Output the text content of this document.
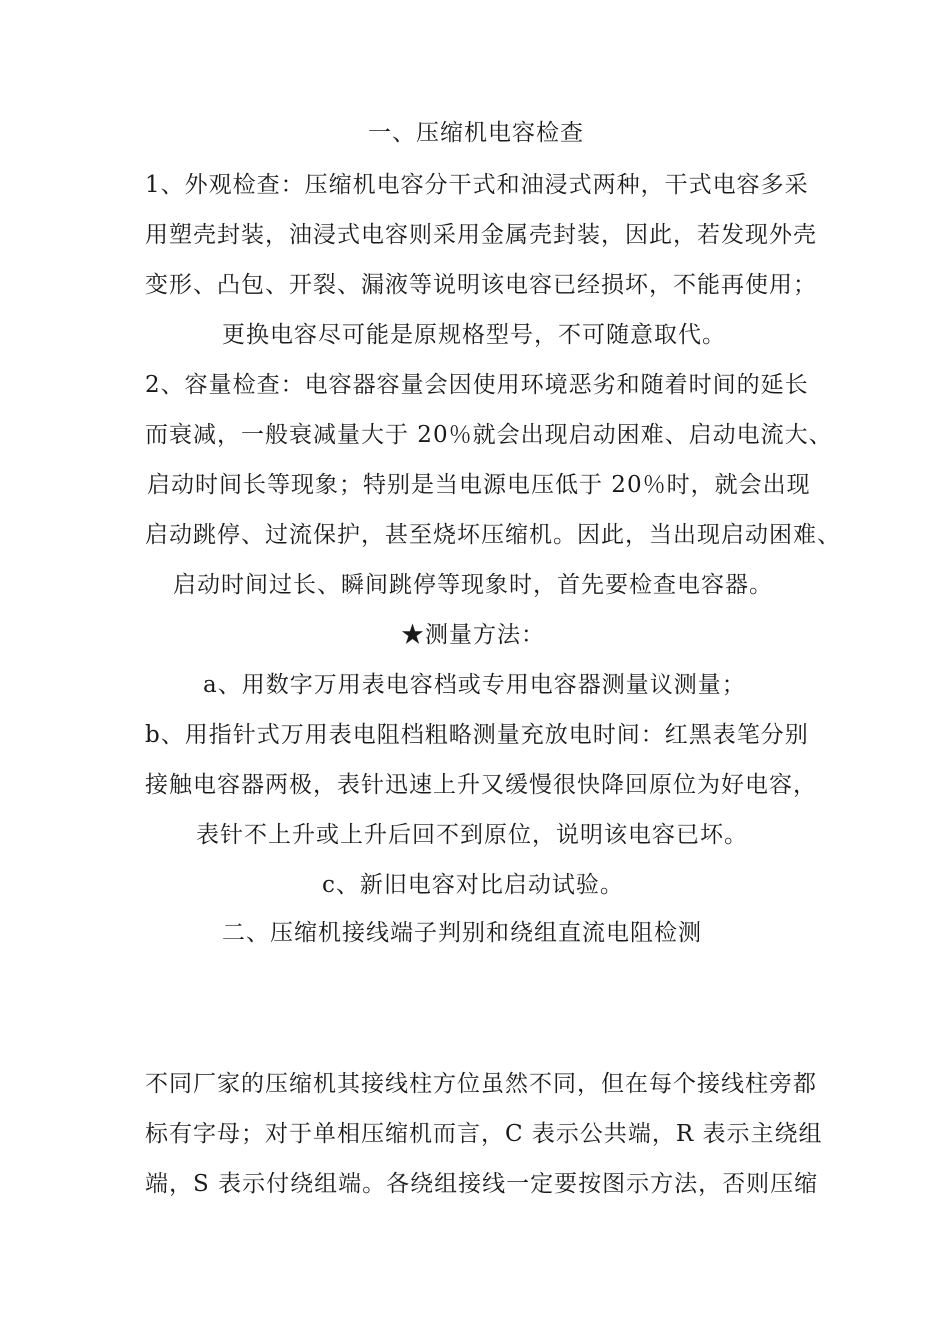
一、压缩机电容检查
1、外观检查：压缩机电容分干式和油浸式两种，干式电容多采
用塑壳封装，油浸式电容则采用金属壳封装，因此，若发现外壳
变形、凸包、开裂、漏液等说明该电容已经损坏，不能再使用；
更换电容尽可能是原规格型号，不可随意取代。
2、容量检查：电容器容量会因使用环境恶劣和随着时间的延长
而衰减，一般衰减量大于 20％就会出现启动困难、启动电流大、
启动时间长等现象；特别是当电源电压低于 20％时，就会出现
启动跳停、过流保护，甚至烧坏压缩机。因此，当出现启动困难、
启动时间过长、瞬间跳停等现象时，首先要检查电容器。
★测量方法：
a、用数字万用表电容档或专用电容器测量议测量；
b、用指针式万用表电阻档粗略测量充放电时间：红黑表笔分别
接触电容器两极，表针迅速上升又缓慢很快降回原位为好电容，
表针不上升或上升后回不到原位，说明该电容已坏。
c、新旧电容对比启动试验。
二、压缩机接线端子判别和绕组直流电阻检测
不同厂家的压缩机其接线柱方位虽然不同，但在每个接线柱旁都
标有字母；对于单相压缩机而言，C 表示公共端，R 表示主绕组
端，S 表示付绕组端。各绕组接线一定要按图示方法，否则压缩
